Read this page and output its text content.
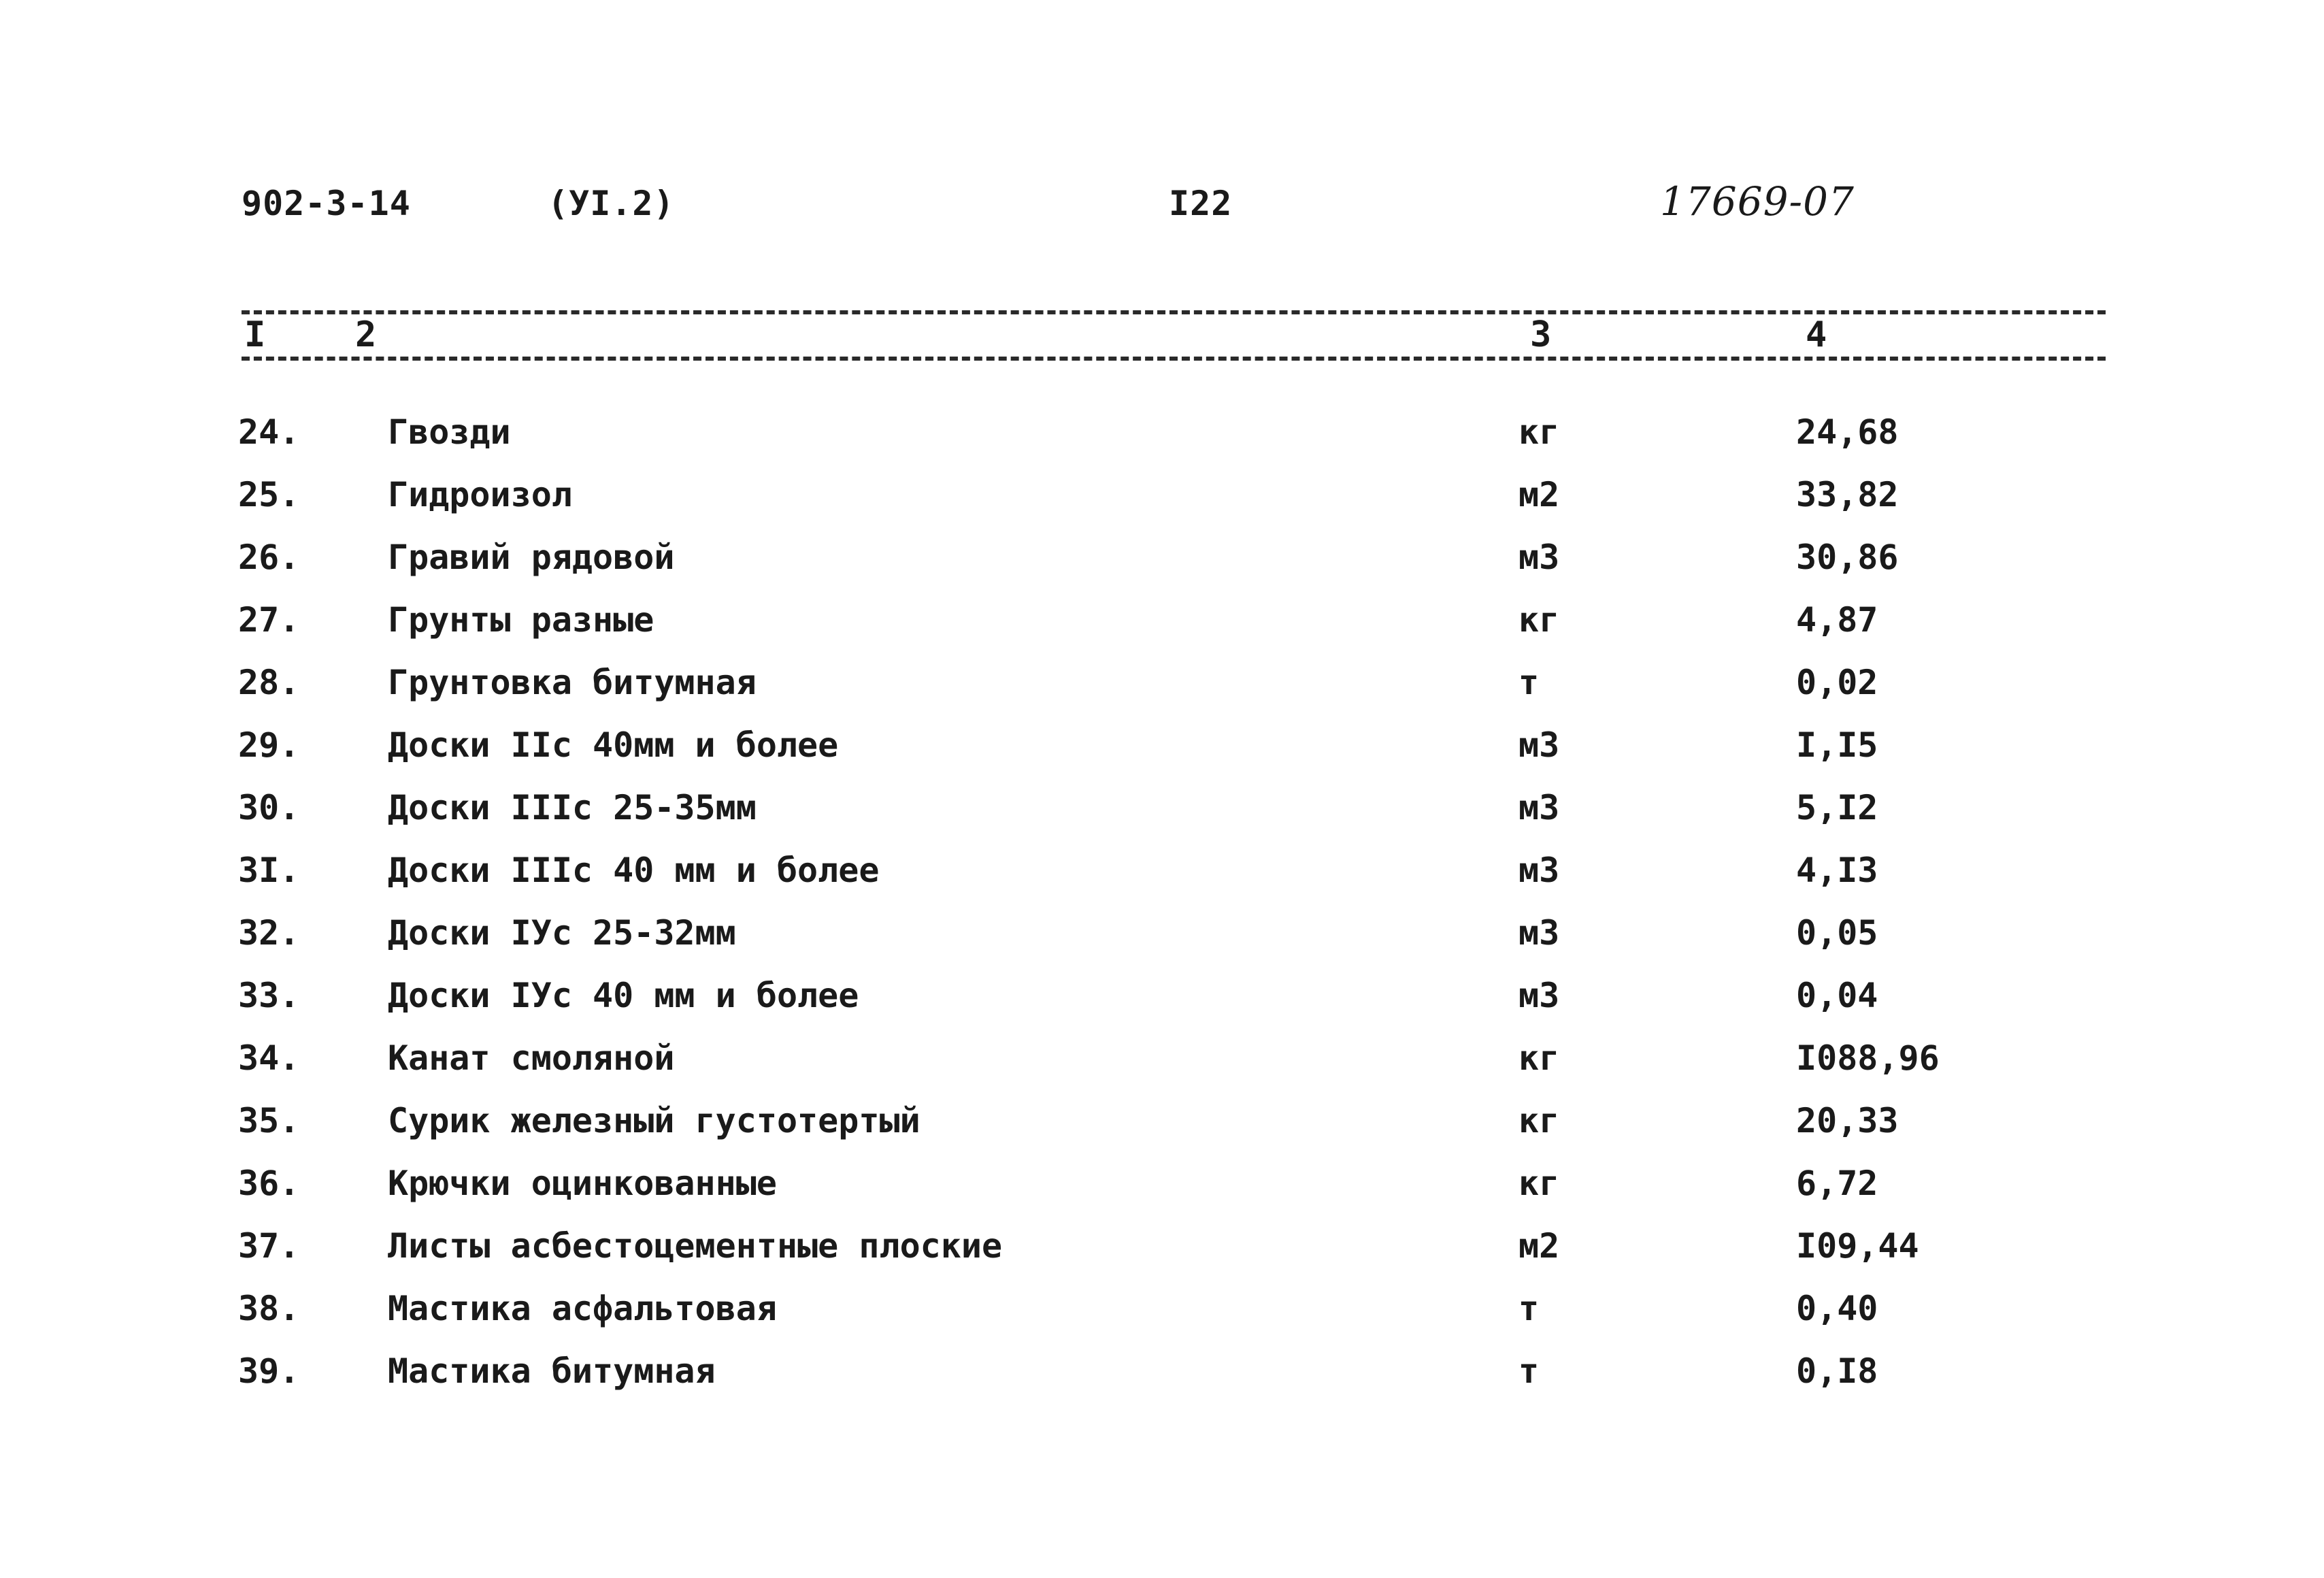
902-3-14	(УI.2)	I22	17669-07
I	2	3	4
24.	Гвозди	кг	24,68
25.	Гидроизол	м2	33,82
26.	Гравий рядовой	м3	30,86
27.	Грунты разные	кг	4,87
28.	Грунтовка битумная	т	0,02
29.	Доски IIс 40мм и более	м3	I,I5
30.	Доски IIIс 25-35мм	м3	5,I2
3I.	Доски IIIс 40 мм и более	м3	4,I3
32.	Доски IУс 25-32мм	м3	0,05
33.	Доски IУс 40 мм и более	м3	0,04
34.	Канат смоляной	кг	I088,96
35.	Сурик железный густотертый	кг	20,33
36.	Крючки оцинкованные	кг	6,72
37.	Листы асбестоцементные плоские	м2	I09,44
38.	Мастика асфальтовая	т	0,40
39.	Мастика битумная	т	0,I8
